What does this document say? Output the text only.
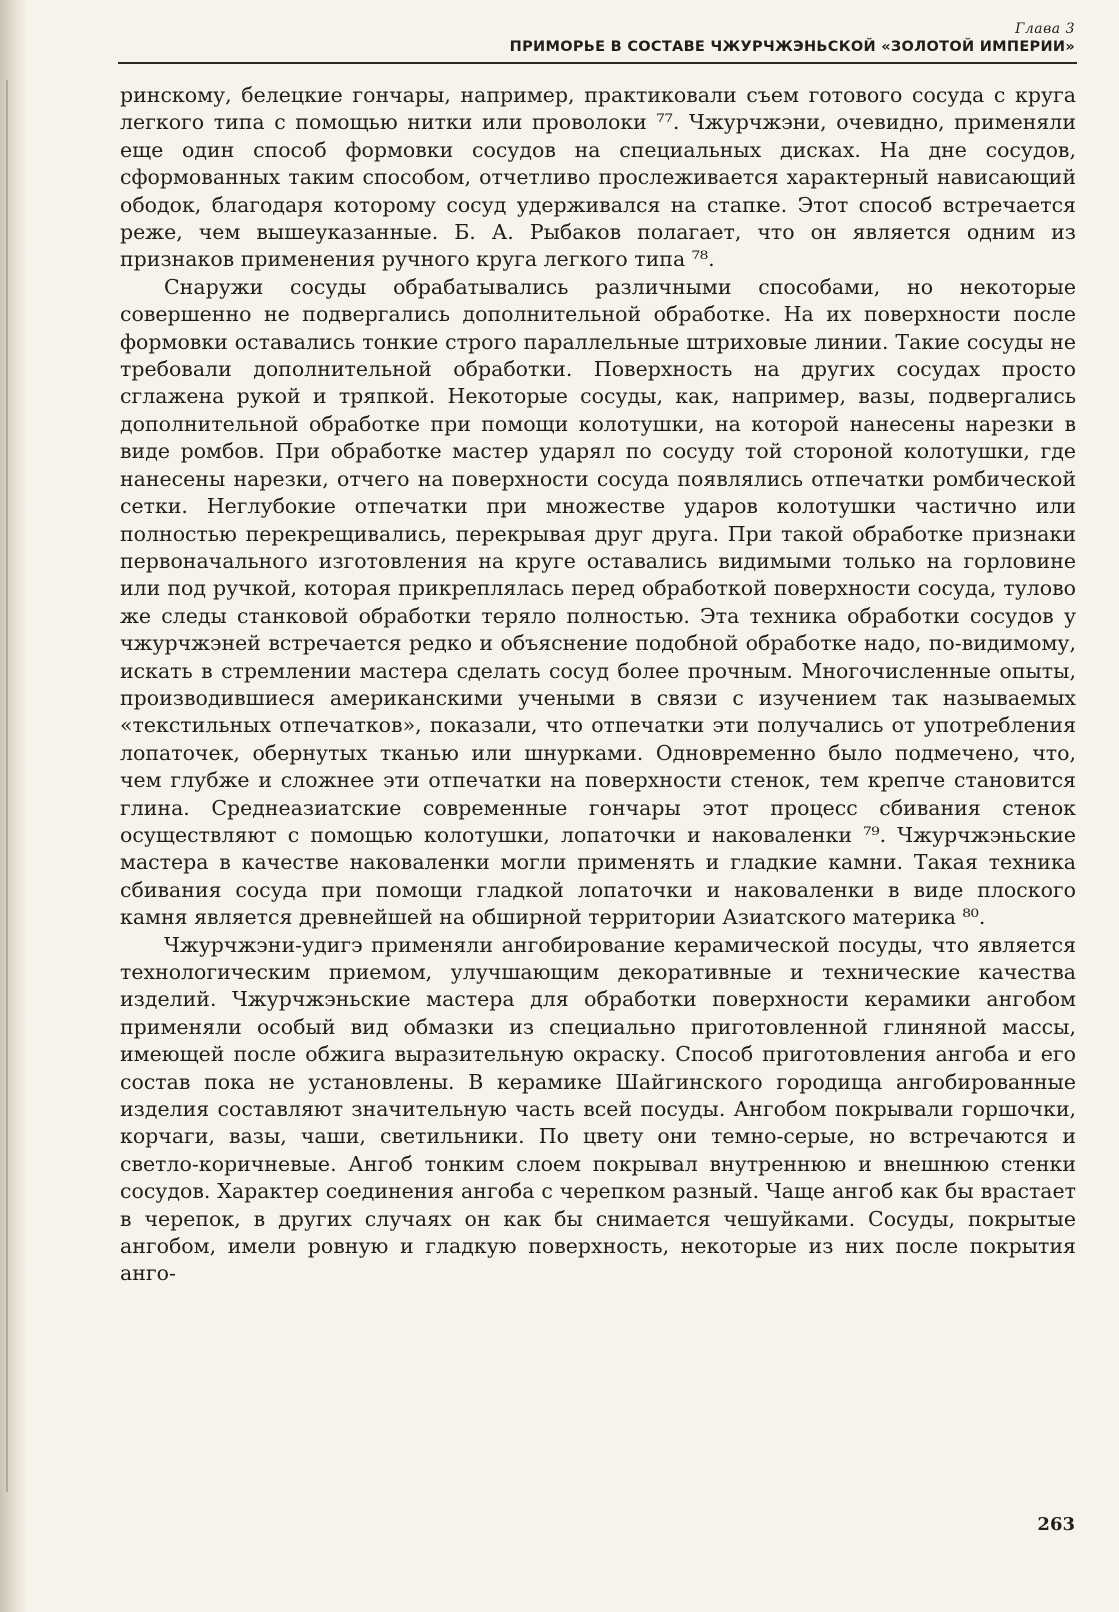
Глава 3
ПРИМОРЬЕ В СОСТАВЕ ЧЖУРЧЖЭНЬСКОЙ «ЗОЛОТОЙ ИМПЕРИИ»

ринскому, белецкие гончары, например, практиковали съем готового сосуда с круга легкого типа с помощью нитки или проволоки ⁷⁷. Чжурчжэни, очевидно, применяли еще один способ формовки сосудов на специальных дисках. На дне сосудов, сформованных таким способом, отчетливо прослеживается характерный нависающий ободок, благодаря которому сосуд удерживался на стапке. Этот способ встречается реже, чем вышеуказанные. Б. А. Рыбаков полагает, что он является одним из признаков применения ручного круга легкого типа ⁷⁸.

Снаружи сосуды обрабатывались различными способами, но некоторые совершенно не подвергались дополнительной обработке. На их поверхности после формовки оставались тонкие строго параллельные штриховые линии. Такие сосуды не требовали дополнительной обработки. Поверхность на других сосудах просто сглажена рукой и тряпкой. Некоторые сосуды, как, например, вазы, подвергались дополнительной обработке при помощи колотушки, на которой нанесены нарезки в виде ромбов. При обработке мастер ударял по сосуду той стороной колотушки, где нанесены нарезки, отчего на поверхности сосуда появлялись отпечатки ромбической сетки. Неглубокие отпечатки при множестве ударов колотушки частично или полностью перекрещивались, перекрывая друг друга. При такой обработке признаки первоначального изготовления на круге оставались видимыми только на горловине или под ручкой, которая прикреплялась перед обработкой поверхности сосуда, тулово же следы станковой обработки теряло полностью. Эта техника обработки сосудов у чжурчжэней встречается редко и объяснение подобной обработке надо, по-видимому, искать в стремлении мастера сделать сосуд более прочным. Многочисленные опыты, производившиеся американскими учеными в связи с изучением так называемых «текстильных отпечатков», показали, что отпечатки эти получались от употребления лопаточек, обернутых тканью или шнурками. Одновременно было подмечено, что, чем глубже и сложнее эти отпечатки на поверхности стенок, тем крепче становится глина. Среднеазиатские современные гончары этот процесс сбивания стенок осуществляют с помощью колотушки, лопаточки и наковаленки ⁷⁹. Чжурчжэньские мастера в качестве наковаленки могли применять и гладкие камни. Такая техника сбивания сосуда при помощи гладкой лопаточки и наковаленки в виде плоского камня является древнейшей на обширной территории Азиатского материка ⁸⁰.

Чжурчжэни-удигэ применяли ангобирование керамической посуды, что является технологическим приемом, улучшающим декоративные и технические качества изделий. Чжурчжэньские мастера для обработки поверхности керамики ангобом применяли особый вид обмазки из специально приготовленной глиняной массы, имеющей после обжига выразительную окраску. Способ приготовления ангоба и его состав пока не установлены. В керамике Шайгинского городища ангобированные изделия составляют значительную часть всей посуды. Ангобом покрывали горшочки, корчаги, вазы, чаши, светильники. По цвету они темно-серые, но встречаются и светло-коричневые. Ангоб тонким слоем покрывал внутреннюю и внешнюю стенки сосудов. Характер соединения ангоба с черепком разный. Чаще ангоб как бы врастает в черепок, в других случаях он как бы снимается чешуйками. Сосуды, покрытые ангобом, имели ровную и гладкую поверхность, некоторые из них после покрытия анго-

263
